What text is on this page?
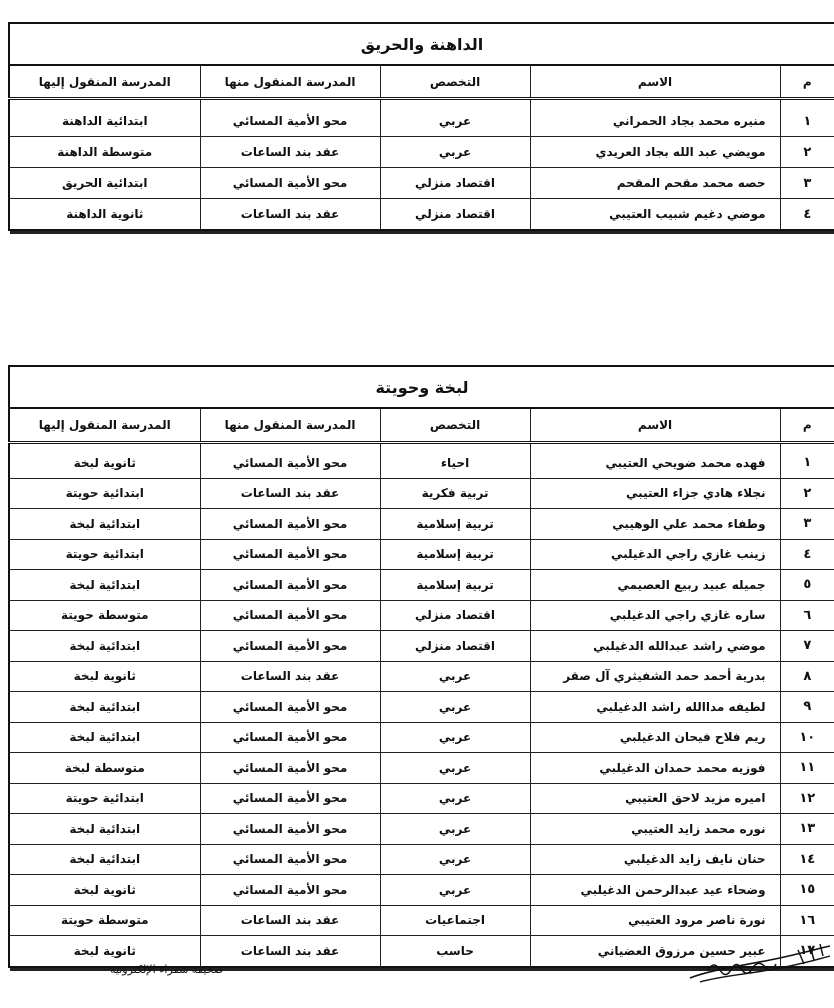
الداهنة والحريق				
م	الاسم	التخصص	المدرسة المنقول منها	المدرسة المنقول إليها
١	منيره محمد بجاد الحمراني	عربي	محو الأمية المسائي	ابتدائية الداهنة
٢	مويضي عبد الله بجاد العريدي	عربي	عقد بند الساعات	متوسطة الداهنة
٣	حصه محمد مقحم المقحم	اقتصاد منزلي	محو الأمية المسائي	ابتدائية الحريق
٤	موضي دغيم شبيب العتيبي	اقتصاد منزلي	عقد بند الساعات	ثانوية الداهنة
لبخة وحويتة				
م	الاسم	التخصص	المدرسة المنقول منها	المدرسة المنقول إليها
١	فهده محمد ضويحي العتيبي	احياء	محو الأمية المسائي	ثانوية لبخة
٢	نجلاء هادي جزاء العتيبي	تربية فكرية	عقد بند الساعات	ابتدائية حويتة
٣	وطفاء محمد علي الوهيبي	تربية إسلامية	محو الأمية المسائي	ابتدائية لبخة
٤	زينب غازي راجي الدغيلبي	تربية إسلامية	محو الأمية المسائي	ابتدائية حويتة
٥	جميله عبيد ربيع العصيمي	تربية إسلامية	محو الأمية المسائي	ابتدائية لبخة
٦	ساره غازي راجي الدغيلبي	اقتصاد منزلي	محو الأمية المسائي	متوسطة حويتة
٧	موضي راشد عبدالله الدغيلبي	اقتصاد منزلي	محو الأمية المسائي	ابتدائية لبخة
٨	بدرية أحمد حمد الشفيثري آل صقر	عربي	عقد بند الساعات	ثانوية لبخة
٩	لطيفه مداالله راشد الدغيلبي	عربي	محو الأمية المسائي	ابتدائية لبخة
١٠	ريم فلاح فيحان الدغيلبي	عربي	محو الأمية المسائي	ابتدائية لبخة
١١	فوزيه محمد حمدان الدغيلبي	عربي	محو الأمية المسائي	متوسطة لبخة
١٢	اميره مزيد لاحق العتيبي	عربي	محو الأمية المسائي	ابتدائية حويتة
١٣	نوره محمد زايد العتيبي	عربي	محو الأمية المسائي	ابتدائية لبخة
١٤	حنان نايف زايد الدغيلبي	عربي	محو الأمية المسائي	ابتدائية لبخة
١٥	وضحاء عيد عبدالرحمن الدغيلبي	عربي	محو الأمية المسائي	ثانوية لبخة
١٦	نورة ناصر مرود العتيبي	اجتماعيات	عقد بند الساعات	متوسطة حويتة
١٧	عبير حسين مرزوق العضياني	حاسب	عقد بند الساعات	ثانوية لبخة
صحيفة شقراء الإلكترونية
